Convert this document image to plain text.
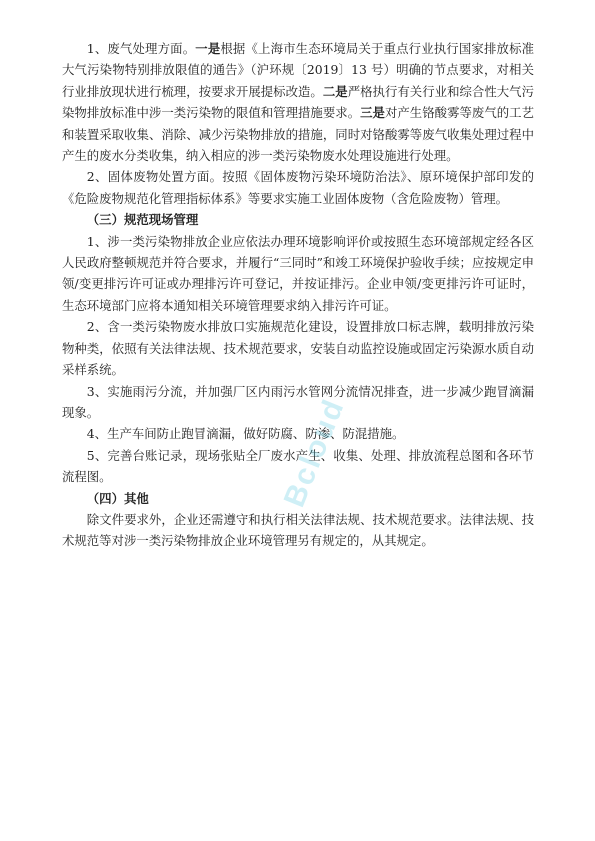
1、废气处理方面。一是根据《上海市生态环境局关于重点行业执行国家排放标准大气污染物特别排放限值的通告》（沪环规〔2019〕13 号）明确的节点要求，对相关行业排放现状进行梳理，按要求开展提标改造。二是严格执行有关行业和综合性大气污染物排放标准中涉一类污染物的限值和管理措施要求。三是对产生铬酸雾等废气的工艺和装置采取收集、消除、减少污染物排放的措施，同时对铬酸雾等废气收集处理过程中产生的废水分类收集，纳入相应的涉一类污染物废水处理设施进行处理。

2、固体废物处置方面。按照《固体废物污染环境防治法》、原环境保护部印发的《危险废物规范化管理指标体系》等要求实施工业固体废物（含危险废物）管理。

（三）规范现场管理

1、涉一类污染物排放企业应依法办理环境影响评价或按照生态环境部规定经各区人民政府整顿规范并符合要求，并履行“三同时”和竣工环境保护验收手续；应按规定申领/变更排污许可证或办理排污许可登记，并按证排污。企业申领/变更排污许可证时，生态环境部门应将本通知相关环境管理要求纳入排污许可证。

2、含一类污染物废水排放口实施规范化建设，设置排放口标志牌，载明排放污染物种类，依照有关法律法规、技术规范要求，安装自动监控设施或固定污染源水质自动采样系统。

3、实施雨污分流，并加强厂区内雨污水管网分流情况排查，进一步减少跑冒滴漏现象。

4、生产车间防止跑冒滴漏，做好防腐、防渗、防混措施。

5、完善台账记录，现场张贴全厂废水产生、收集、处理、排放流程总图和各环节流程图。

（四）其他

除文件要求外，企业还需遵守和执行相关法律法规、技术规范要求。法律法规、技术规范等对涉一类污染物排放企业环境管理另有规定的，从其规定。

Bcloud
